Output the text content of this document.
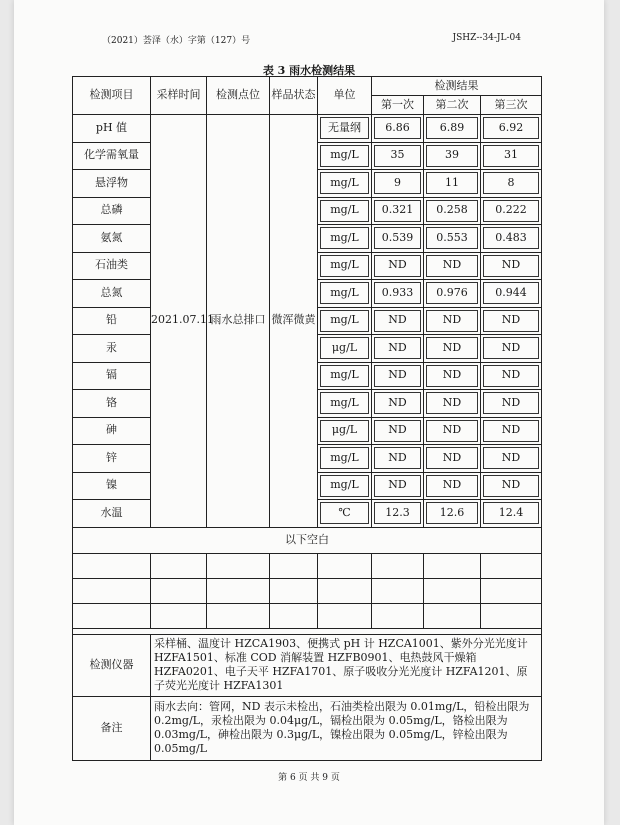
（2021）荟泽（水）字第（127）号	JSHZ--34-JL-04
表 3 雨水检测结果
检测项目	采样时间	检测点位	样品状态	单位	检测结果		
					第一次	第二次	第三次
pH 值	2021.07.11	雨水总排口	微浑微黄	无量纲	6.86	6.89	6.92

化学需氧量				mg/L	35	39	31

悬浮物				mg/L	9	11	8

总磷				mg/L	0.321	0.258	0.222

氨氮				mg/L	0.539	0.553	0.483

石油类				mg/L	ND	ND	ND

总氮				mg/L	0.933	0.976	0.944

铅				mg/L	ND	ND	ND

汞				μg/L	ND	ND	ND

镉				mg/L	ND	ND	ND

铬				mg/L	ND	ND	ND

砷				μg/L	ND	ND	ND

锌				mg/L	ND	ND	ND

镍				mg/L	ND	ND	ND

水温				℃	12.3	12.6	12.4

以下空白							

检测仪器	采样桶、温度计 HZCA1903、便携式 pH 计 HZCA1001、紫外分光光度计 HZFA1501、标准 COD 消解装置 HZFB0901、电热鼓风干燥箱 HZFA0201、电子天平 HZFA1701、原子吸收分光光度计 HZFA1201、原子荧光光度计 HZFA1301						
备注	雨水去向：管网，ND 表示未检出，石油类检出限为 0.01mg/L，铅检出限为 0.2mg/L，汞检出限为 0.04μg/L，镉检出限为 0.05mg/L，铬检出限为 0.03mg/L，砷检出限为 0.3μg/L，镍检出限为 0.05mg/L，锌检出限为 0.05mg/L						
第 6 页 共 9 页
